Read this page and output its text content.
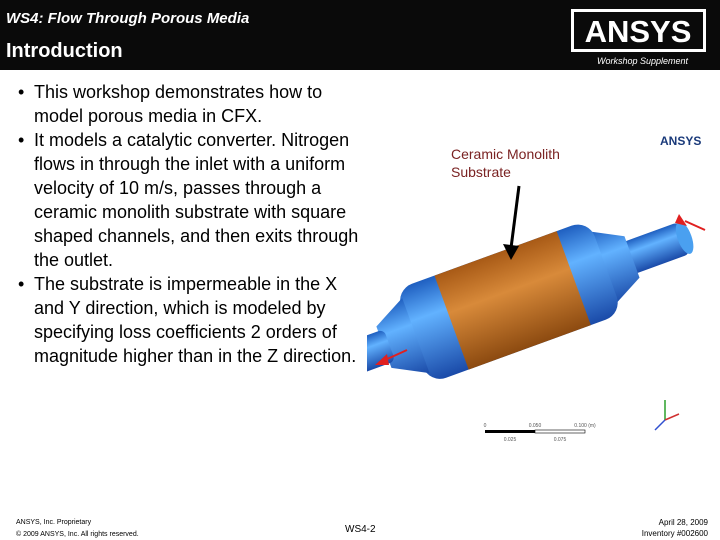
WS4: Flow Through Porous Media
Introduction
ANSYS
Workshop Supplement
• This workshop demonstrates how to model porous media in CFX.
• It models a catalytic converter. Nitrogen flows in through the inlet with a uniform velocity of 10 m/s, passes through a ceramic monolith substrate with square shaped channels, and then exits through the outlet.
• The substrate is impermeable in the X and Y direction, which is modeled by specifying loss coefficients 2 orders of magnitude higher than in the Z direction.
0	0.050	0.100 (m)
0.025	0.075
ANSYS
Ceramic Monolith
Substrate
ANSYS, Inc. Proprietary
© 2009 ANSYS, Inc. All rights reserved.	WS4-2
April 28, 2009
Inventory #002600
